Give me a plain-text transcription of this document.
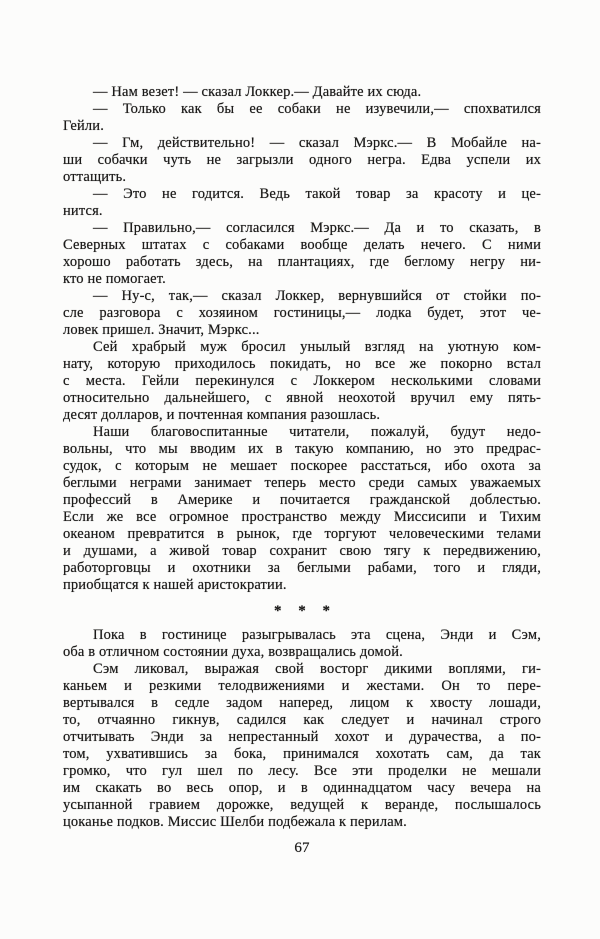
— Нам везет! — сказал Локкер.— Давайте их сюда.
— Только как бы ее собаки не изувечили,— спохватился
Гейли.
— Гм, действительно! — сказал Мэркс.— В Мобайле на-
ши собачки чуть не загрызли одного негра. Едва успели их
оттащить.
— Это не годится. Ведь такой товар за красоту и це-
нится.
— Правильно,— согласился Мэркс.— Да и то сказать, в
Северных штатах с собаками вообще делать нечего. С ними
хорошо работать здесь, на плантациях, где беглому негру ни-
кто не помогает.
— Ну-с, так,— сказал Локкер, вернувшийся от стойки по-
сле разговора с хозяином гостиницы,— лодка будет, этот че-
ловек пришел. Значит, Мэркс...
Сей храбрый муж бросил унылый взгляд на уютную ком-
нату, которую приходилось покидать, но все же покорно встал
с места. Гейли перекинулся с Локкером несколькими словами
относительно дальнейшего, с явной неохотой вручил ему пять-
десят долларов, и почтенная компания разошлась.
Наши благовоспитанные читатели, пожалуй, будут недо-
вольны, что мы вводим их в такую компанию, но это предрас-
судок, с которым не мешает поскорее расстаться, ибо охота за
беглыми неграми занимает теперь место среди самых уважаемых
профессий в Америке и почитается гражданской доблестью.
Если же все огромное пространство между Миссисипи и Тихим
океаном превратится в рынок, где торгуют человеческими телами
и душами, а живой товар сохранит свою тягу к передвижению,
работорговцы и охотники за беглыми рабами, того и гляди,
приобщатся к нашей аристократии.
* * *
Пока в гостинице разыгрывалась эта сцена, Энди и Сэм,
оба в отличном состоянии духа, возвращались домой.
Сэм ликовал, выражая свой восторг дикими воплями, ги-
каньем и резкими телодвижениями и жестами. Он то пере-
вертывался в седле задом наперед, лицом к хвосту лошади,
то, отчаянно гикнув, садился как следует и начинал строго
отчитывать Энди за непрестанный хохот и дурачества, а по-
том, ухватившись за бока, принимался хохотать сам, да так
громко, что гул шел по лесу. Все эти проделки не мешали
им скакать во весь опор, и в одиннадцатом часу вечера на
усыпанной гравием дорожке, ведущей к веранде, послышалось
цоканье подков. Миссис Шелби подбежала к перилам.
67
